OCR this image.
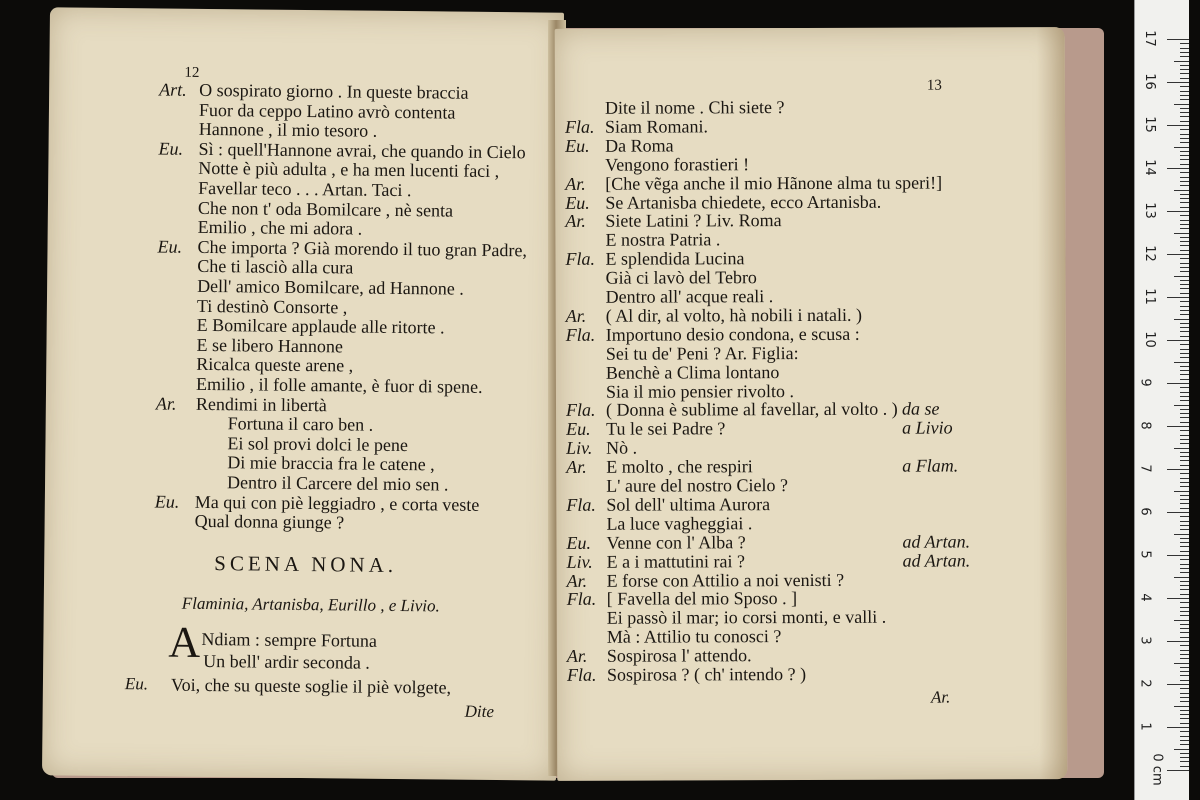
12
Art. O sospirato giorno . In queste braccia
Fuor da ceppo Latino avrò contenta
Hannone , il mio tesoro .
Eu. Sì : quell'Hannone avrai, che quando in Cielo
Notte è più adulta , e ha men lucenti faci ,
Favellar teco . . . Artan. Taci .
Che non t' oda Bomilcare , nè senta
Emilio , che mi adora .
Eu. Che importa ? Già morendo il tuo gran Padre,
Che ti lasciò alla cura
Dell' amico Bomilcare, ad Hannone .
Ti destinò Consorte ,
E Bomilcare applaude alle ritorte .
E se libero Hannone
Ricalca queste arene ,
Emilio , il folle amante, è fuor di spene.
Ar. Rendimi in libertà
Fortuna il caro ben .
Ei sol provi dolci le pene
Di mie braccia fra le catene ,
Dentro il Carcere del mio sen .
Eu. Ma qui con piè leggiadro , e corta veste
Qual donna giunge ?
SCENA NONA.
Flaminia, Artanisba, Eurillo , e Livio.
A Ndiam : sempre Fortuna
Un bell' ardir seconda .
Eu. Voi, che su queste soglie il piè volgete,
Dite
13
Dite il nome . Chi siete ?
Fla. Siam Romani.
Eu. Da Roma
Vengono forastieri !
Ar. [Che vẽga anche il mio Hãnone alma tu speri!]
Eu. Se Artanisba chiedete, ecco Artanisba.
Ar. Siete Latini ? Liv. Roma
E nostra Patria .
Fla. E splendida Lucina
Già ci lavò del Tebro
Dentro all' acque reali .
Ar. ( Al dir, al volto, hà nobili i natali. )
Fla. Importuno desio condona, e scusa :
Sei tu de' Peni ? Ar. Figlia:
Benchè a Clima lontano
Sia il mio pensier rivolto .
Fla. ( Donna è sublime al favellar, al volto . ) da se
Eu. Tu le sei Padre ?	a Livio
Liv. Nò .
Ar. E molto , che respiri	a Flam.
L' aure del nostro Cielo ?
Fla. Sol dell' ultima Aurora
La luce vagheggiai .
Eu. Venne con l' Alba ?	ad Artan.
Liv. E a i mattutini rai ?	ad Artan.
Ar. E forse con Attilio a noi venisti ?
Fla. [ Favella del mio Sposo . ]
Ei passò il mar; io corsi monti, e valli .
Mà : Attilio tu conosci ?
Ar. Sospirosa l' attendo.
Fla. Sospirosa ? ( ch' intendo ? )
Ar.
0 cm
1
2
3
4
5
6
7
8
9
10
11
12
13
14
15
16
17
